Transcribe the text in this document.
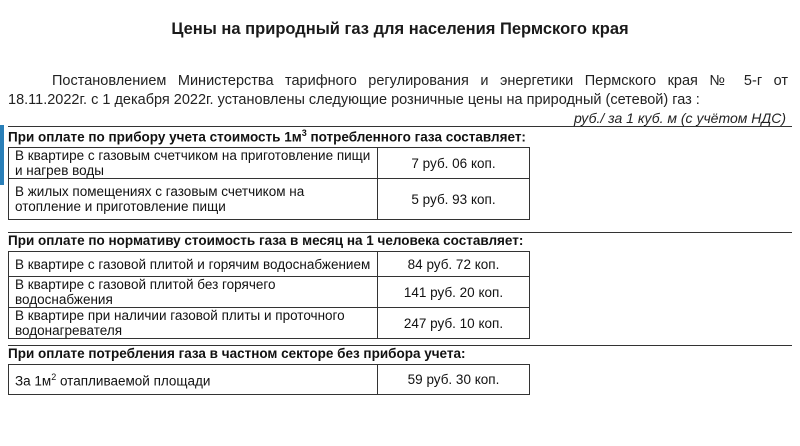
Цены на природный газ для населения Пермского края
Постановлением Министерства тарифного регулирования и энергетики Пермского края № 5-г от 18.11.2022г. с 1 декабря 2022г. установлены следующие розничные цены на природный (сетевой) газ :
руб./ за 1 куб. м (с учётом НДС)
При оплате по прибору учета стоимость $1м^3$ потребленного газа составляет:
В квартире с газовым счетчиком на приготовление пищи и нагрев воды	7 руб. 06 коп.
В жилых помещениях с газовым счетчиком на отопление и приготовление пищи	5 руб. 93 коп.
При оплате по нормативу стоимость газа в месяц на 1 человека составляет:
В квартире с газовой плитой и горячим водоснабжением	84 руб. 72 коп.
В квартире с газовой плитой без горячего водоснабжения	141 руб. 20 коп.
В квартире при наличии газовой плиты и проточного водонагревателя	247 руб. 10 коп.
При оплате потребления газа в частном секторе без прибора учета:
За $1м^2$ отапливаемой площади	59 руб. 30 коп.
